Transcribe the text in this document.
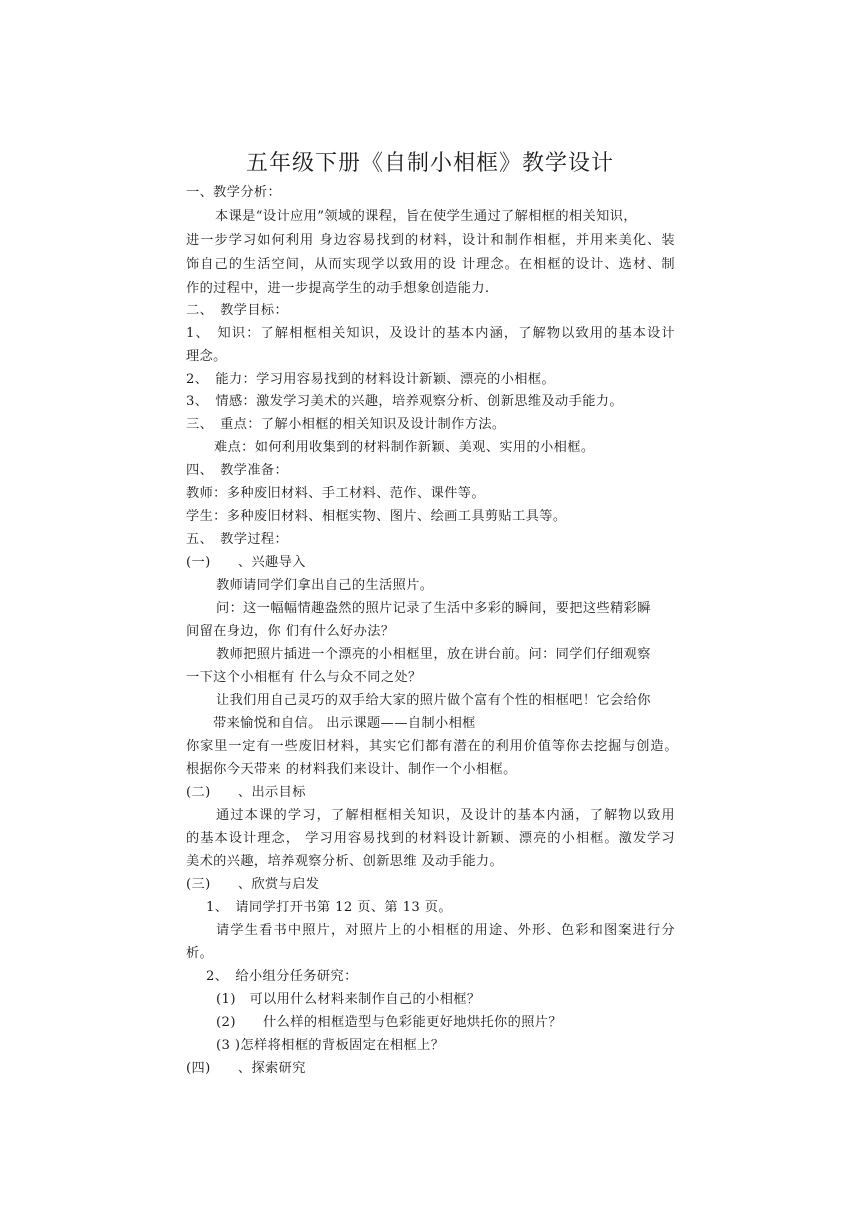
五年级下册《自制小相框》教学设计
一、教学分析：
本课是“设计应用”领域的课程，旨在使学生通过了解相框的相关知识，
进一步学习如何利用 身边容易找到的材料，设计和制作相框，并用来美化、装
饰自己的生活空间，从而实现学以致用的设 计理念。在相框的设计、选材、制
作的过程中，进一步提高学生的动手想象创造能力.
二、　教学目标：
1、　知识：了解相框相关知识，及设计的基本内涵，了解物以致用的基本设计
理念。
2、　能力：学习用容易找到的材料设计新颖、漂亮的小相框。
3、　情感：激发学习美术的兴趣，培养观察分析、创新思维及动手能力。
三、　重点：了解小相框的相关知识及设计制作方法。
难点：如何利用收集到的材料制作新颖、美观、实用的小相框。
四、　教学准备：
教师：多种废旧材料、手工材料、范作、课件等。
学生：多种废旧材料、相框实物、图片、绘画工具剪贴工具等。
五、　教学过程：
(一)　　、兴趣导入
教师请同学们拿出自己的生活照片。
问：这一幅幅情趣盎然的照片记录了生活中多彩的瞬间，要把这些精彩瞬
间留在身边，你 们有什么好办法？
教师把照片插进一个漂亮的小相框里，放在讲台前。问：同学们仔细观察
一下这个小相框有 什么与众不同之处？
让我们用自己灵巧的双手给大家的照片做个富有个性的相框吧！它会给你
带来愉悦和自信。 出示课题——自制小相框
你家里一定有一些废旧材料，其实它们都有潜在的利用价值等你去挖掘与创造。
根据你今天带来 的材料我们来设计、制作一个小相框。
(二)　　、出示目标
通过本课的学习，了解相框相关知识，及设计的基本内涵，了解物以致用
的基本设计理念， 学习用容易找到的材料设计新颖、漂亮的小相框。激发学习
美术的兴趣，培养观察分析、创新思维 及动手能力。
(三)　　、欣赏与启发
1、　请同学打开书第 12 页、第 13 页。
请学生看书中照片，对照片上的小相框的用途、外形、色彩和图案进行分
析。
2、　给小组分任务研究：
(1)　可以用什么材料来制作自己的小相框？
(2)　　什么样的相框造型与色彩能更好地烘托你的照片？
(3 )怎样将相框的背板固定在相框上？
(四)　　、探索研究
